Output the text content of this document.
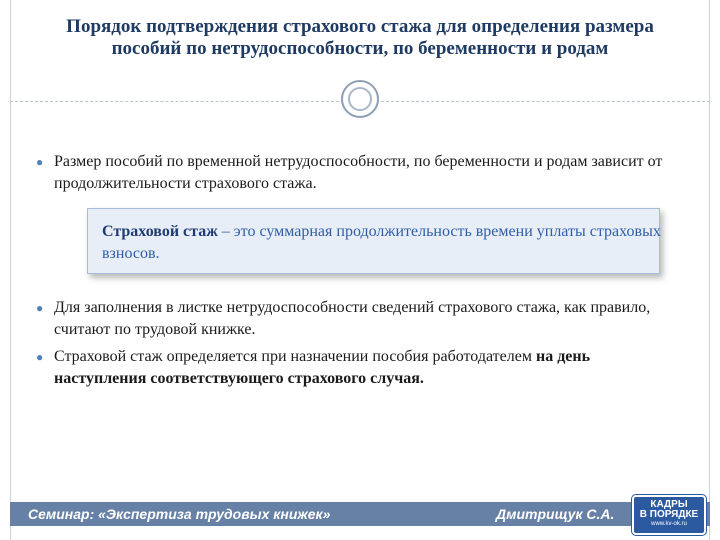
Порядок подтверждения страхового стажа для определения размера пособий по нетрудоспособности, по беременности и родам
● Размер пособий по временной нетрудоспособности, по беременности и родам зависит от продолжительности страхового стажа.
Страховой стаж – это суммарная продолжительность времени уплаты страховых взносов.
● Для заполнения в листке нетрудоспособности сведений страхового стажа, как правило, считают по трудовой книжке.
● Страховой стаж определяется при назначении пособия работодателем на день наступления соответствующего страхового случая.
Семинар: «Экспертиза трудовых книжек»	Дмитрищук С.А.
КАДРЫ
В ПОРЯДКЕ
www.kv-ok.ru
